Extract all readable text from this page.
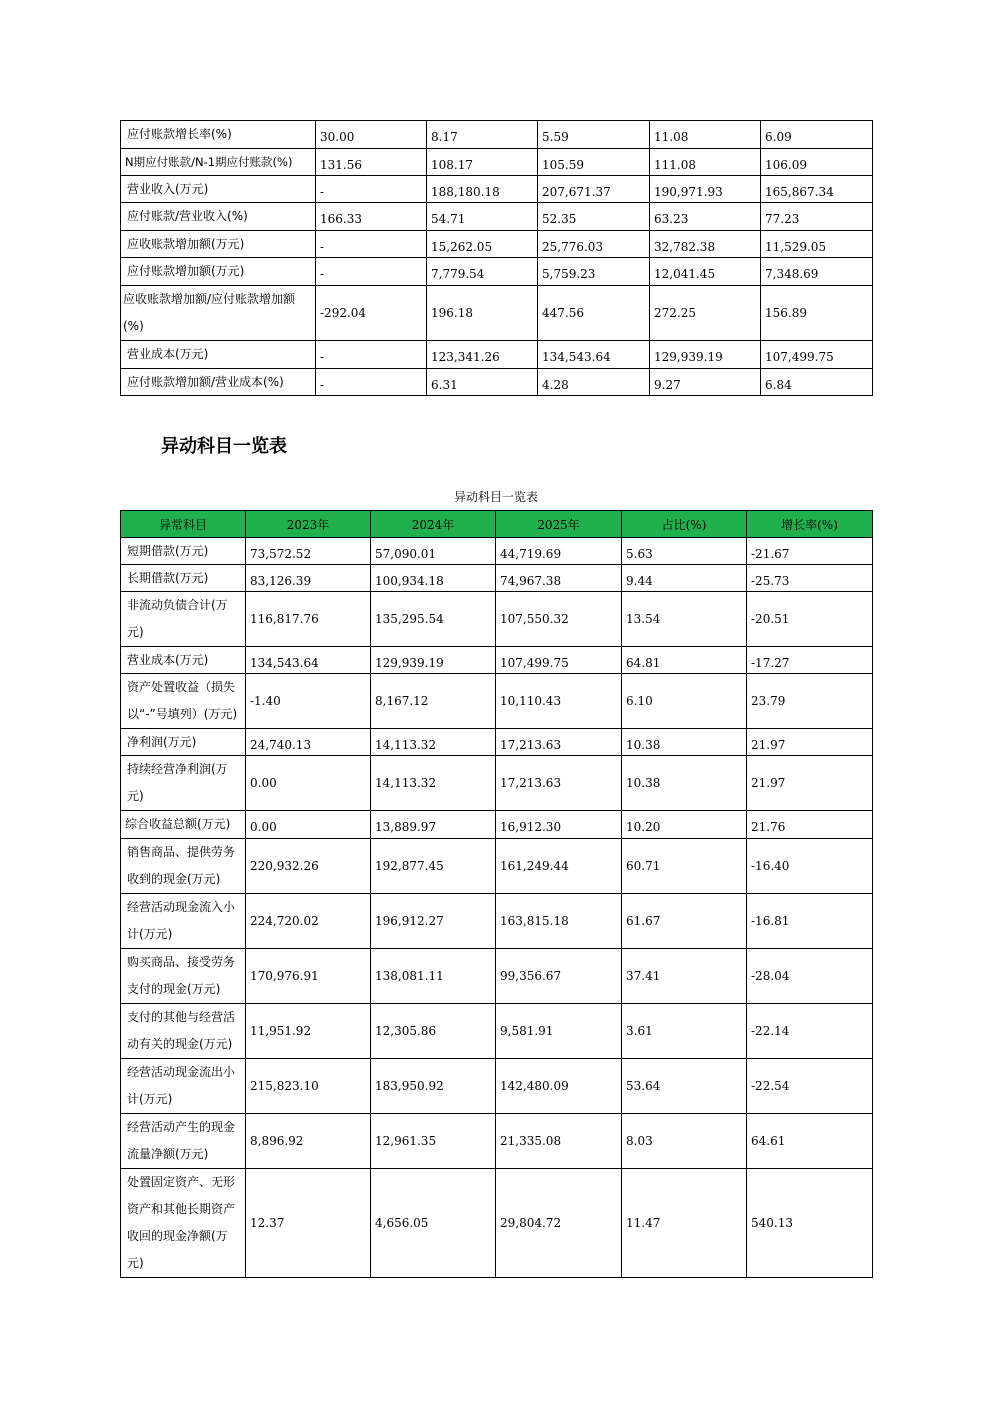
应付账款增长率(%)	30.00	8.17	5.59	11.08	6.09
N期应付账款/N-1期应付账款(%)	131.56	108.17	105.59	111.08	106.09
营业收入(万元)	-	188,180.18	207,671.37	190,971.93	165,867.34
应付账款/营业收入(%)	166.33	54.71	52.35	63.23	77.23
应收账款增加额(万元)	-	15,262.05	25,776.03	32,782.38	11,529.05
应付账款增加额(万元)	-	7,779.54	5,759.23	12,041.45	7,348.69
应收账款增加额/应付账款增加额(%)	-292.04	196.18	447.56	272.25	156.89
营业成本(万元)	-	123,341.26	134,543.64	129,939.19	107,499.75
应付账款增加额/营业成本(%)	-	6.31	4.28	9.27	6.84
异动科目一览表
异动科目一览表
异常科目	2023年	2024年	2025年	占比(%)	增长率(%)
短期借款(万元)	73,572.52	57,090.01	44,719.69	5.63	-21.67
长期借款(万元)	83,126.39	100,934.18	74,967.38	9.44	-25.73
非流动负债合计(万元)	116,817.76	135,295.54	107,550.32	13.54	-20.51
营业成本(万元)	134,543.64	129,939.19	107,499.75	64.81	-17.27
资产处置收益（损失以“-”号填列）(万元)	-1.40	8,167.12	10,110.43	6.10	23.79
净利润(万元)	24,740.13	14,113.32	17,213.63	10.38	21.97
持续经营净利润(万元)	0.00	14,113.32	17,213.63	10.38	21.97
综合收益总额(万元)	0.00	13,889.97	16,912.30	10.20	21.76
销售商品、提供劳务收到的现金(万元)	220,932.26	192,877.45	161,249.44	60.71	-16.40
经营活动现金流入小计(万元)	224,720.02	196,912.27	163,815.18	61.67	-16.81
购买商品、接受劳务支付的现金(万元)	170,976.91	138,081.11	99,356.67	37.41	-28.04
支付的其他与经营活动有关的现金(万元)	11,951.92	12,305.86	9,581.91	3.61	-22.14
经营活动现金流出小计(万元)	215,823.10	183,950.92	142,480.09	53.64	-22.54
经营活动产生的现金流量净额(万元)	8,896.92	12,961.35	21,335.08	8.03	64.61
处置固定资产、无形资产和其他长期资产收回的现金净额(万元)	12.37	4,656.05	29,804.72	11.47	540.13
